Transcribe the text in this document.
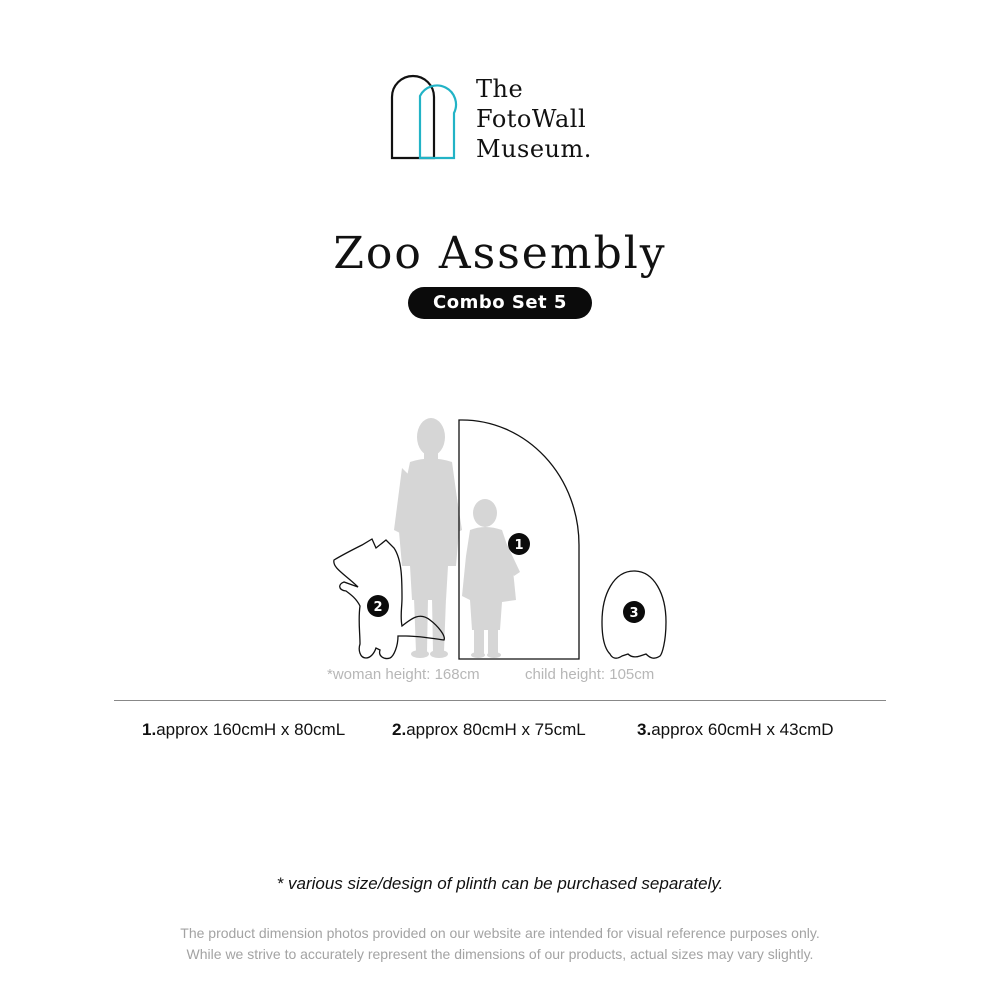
The
FotoWall
Museum.
Zoo Assembly
Combo Set 5
1
2	3
*woman height: 168cm	child height: 105cm
1.approx 160cmH x 80cmL	2.approx 80cmH x 75cmL	3.approx 60cmH x 43cmD
* various size/design of plinth can be purchased separately.
The product dimension photos provided on our website are intended for visual reference purposes only.
While we strive to accurately represent the dimensions of our products, actual sizes may vary slightly.
